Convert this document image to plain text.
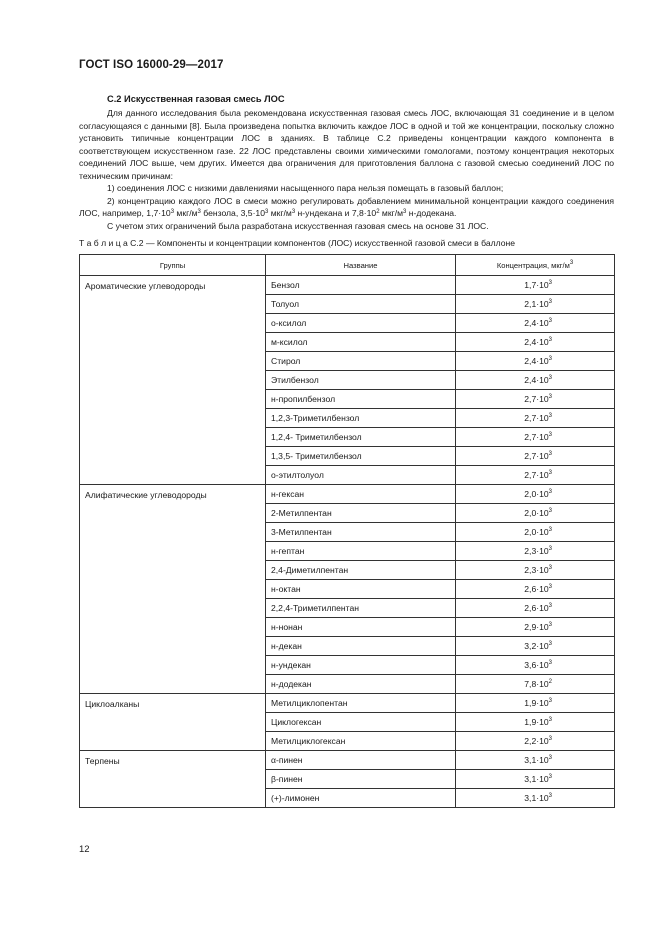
ГОСТ ISO 16000-29—2017
С.2 Искусственная газовая смесь ЛОС

Для данного исследования была рекомендована искусственная газовая смесь ЛОС, включающая 31 соединение и в целом согласующаяся с данными [8]. Была произведена попытка включить каждое ЛОС в одной и той же концентрации, поскольку сложно установить типичные концентрации ЛОС в зданиях. В таблице С.2 приведены концентрации каждого компонента в соответствующем искусственном газе. 22 ЛОС представлены своими химическими гомологами, поэтому концентрация некоторых соединений ЛОС выше, чем других. Имеется два ограничения для приготовления баллона с газовой смесью соединений ЛОС по техническим причинам:

1) соединения ЛОС с низкими давлениями насыщенного пара нельзя помещать в газовый баллон;

2) концентрацию каждого ЛОС в смеси можно регулировать добавлением минимальной концентрации каждого соединения ЛОС, например, $1,7\cdot 10^3$ мкг/$м^3$ бензола, $3,5\cdot 10^3$ мкг/$м^3$ н-ундекана и $7,8\cdot 10^2$ мкг/$м^3$ н-додекана.

С учетом этих ограничений была разработана искусственная газовая смесь на основе 31 ЛОС.

Т а б л и ц а С.2 — Компоненты и концентрации компонентов (ЛОС) искусственной газовой смеси в баллоне
Группы	Название	Концентрация, мкг/$м^3$
Ароматические углеводороды	Бензол	$1,7\cdot 10^3$
	Толуол	$2,1\cdot 10^3$
	о-ксилол	$2,4\cdot 10^3$
	м-ксилол	$2,4\cdot 10^3$
	Стирол	$2,4\cdot 10^3$
	Этилбензол	$2,4\cdot 10^3$
	н-пропилбензол	$2,7\cdot 10^3$
	1,2,3-Триметилбензол	$2,7\cdot 10^3$
	1,2,4- Триметилбензол	$2,7\cdot 10^3$
	1,3,5- Триметилбензол	$2,7\cdot 10^3$
	о-этилтолуол	$2,7\cdot 10^3$
Алифатические углеводороды	н-гексан	$2,0\cdot 10^3$
	2-Метилпентан	$2,0\cdot 10^3$
	3-Метилпентан	$2,0\cdot 10^3$
	н-гептан	$2,3\cdot 10^3$
	2,4-Диметилпентан	$2,3\cdot 10^3$
	н-октан	$2,6\cdot 10^3$
	2,2,4-Триметилпентан	$2,6\cdot 10^3$
	н-нонан	$2,9\cdot 10^3$
	н-декан	$3,2\cdot 10^3$
	н-ундекан	$3,6\cdot 10^3$
	н-додекан	$7,8\cdot 10^2$
Циклоалканы	Метилциклопентан	$1,9\cdot 10^3$
	Циклогексан	$1,9\cdot 10^3$
	Метилциклогексан	$2,2\cdot 10^3$
Терпены	α-пинен	$3,1\cdot 10^3$
	β-пинен	$3,1\cdot 10^3$
	(+)-лимонен	$3,1\cdot 10^3$
12
